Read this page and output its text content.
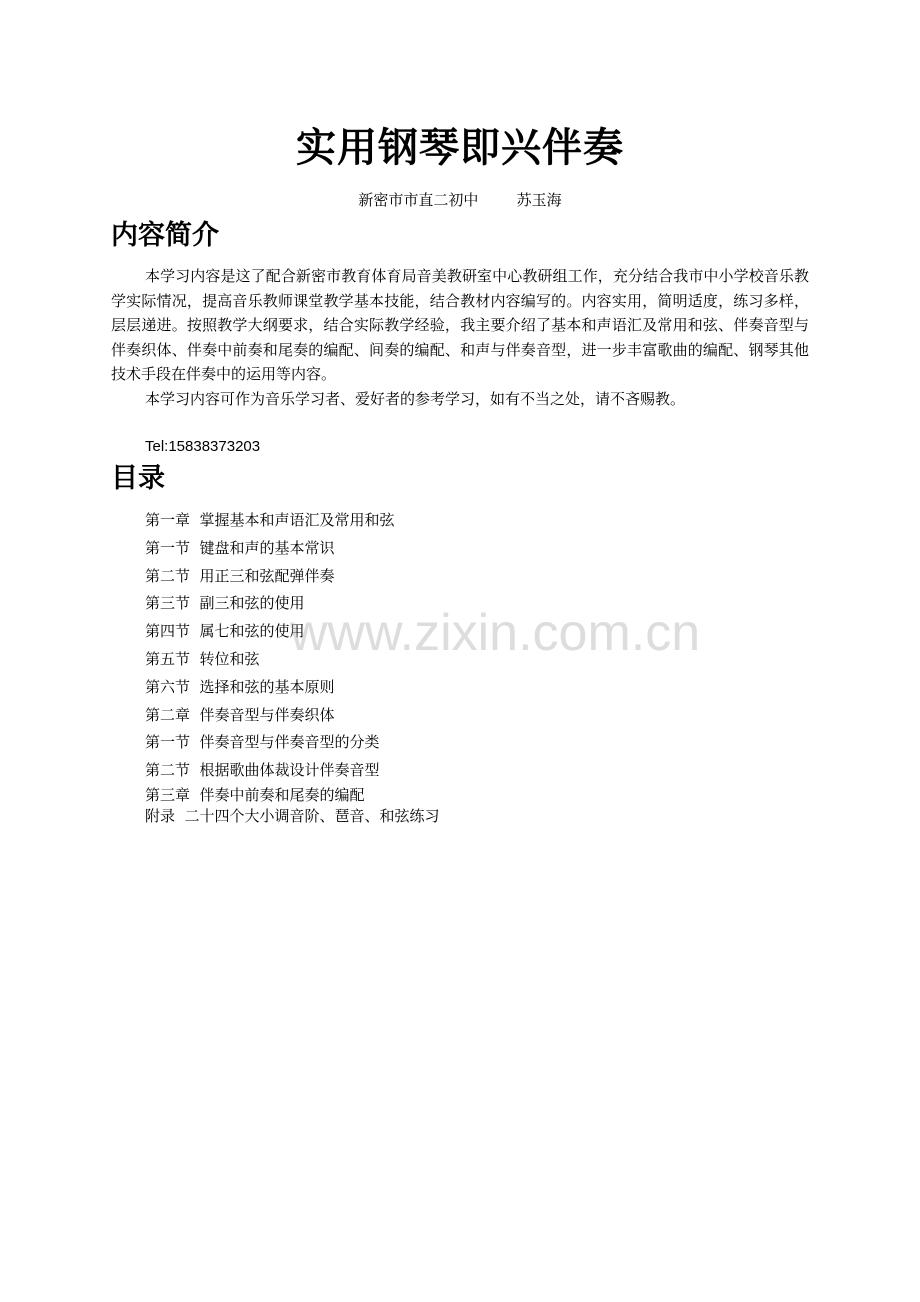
实用钢琴即兴伴奏
新密市市直二初中        苏玉海
内容简介

本学习内容是这了配合新密市教育体育局音美教研室中心教研组工作，充分结合我市中小学校音乐教学实际情况，提高音乐教师课堂教学基本技能，结合教材内容编写的。内容实用，简明适度，练习多样，层层递进。按照教学大纲要求，结合实际教学经验，我主要介绍了基本和声语汇及常用和弦、伴奏音型与伴奏织体、伴奏中前奏和尾奏的编配、间奏的编配、和声与伴奏音型，进一步丰富歌曲的编配、钢琴其他技术手段在伴奏中的运用等内容。

本学习内容可作为音乐学习者、爱好者的参考学习，如有不当之处，请不吝赐教。

Tel:15838373203
目录
第一章  掌握基本和声语汇及常用和弦
第一节  键盘和声的基本常识
第二节  用正三和弦配弹伴奏
第三节  副三和弦的使用
第四节  属七和弦的使用
第五节  转位和弦
第六节  选择和弦的基本原则
第二章  伴奏音型与伴奏织体
第一节  伴奏音型与伴奏音型的分类
第二节  根据歌曲体裁设计伴奏音型
第三章  伴奏中前奏和尾奏的编配
附录  二十四个大小调音阶、琶音、和弦练习
www.zixin.com.cn
